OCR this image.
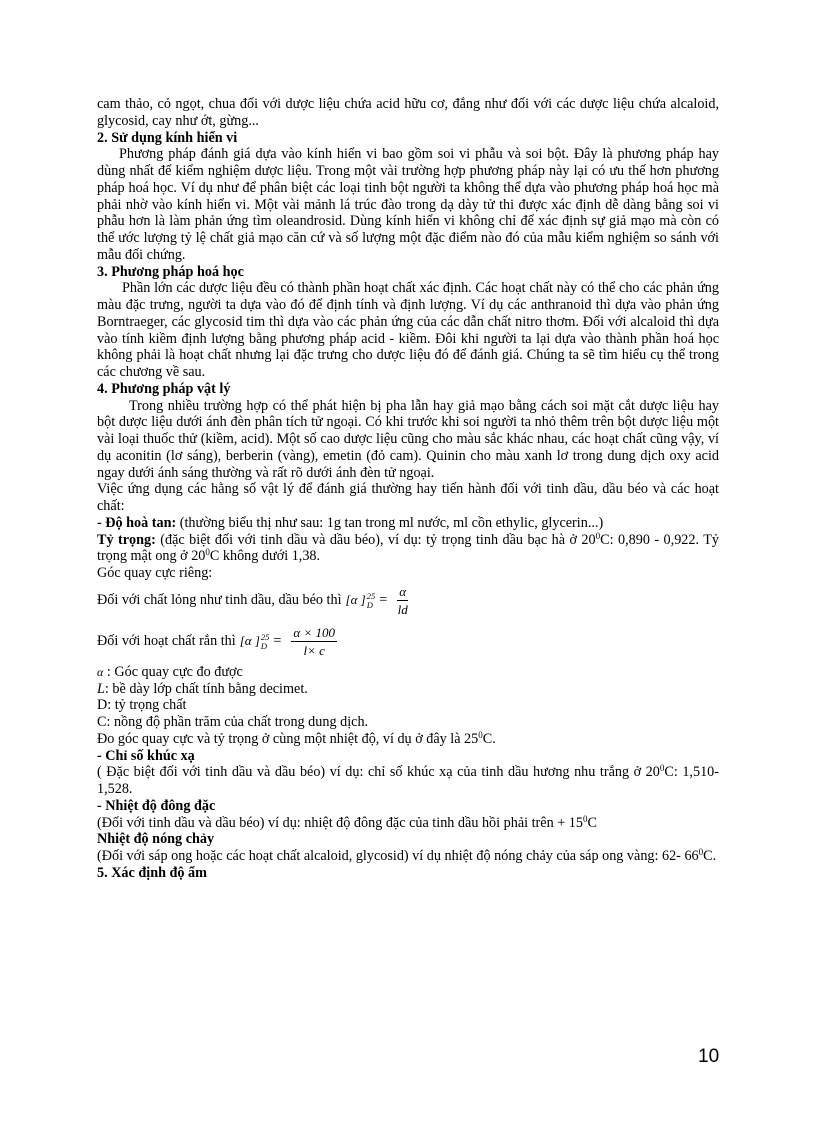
cam thảo, cỏ ngọt, chua đối với dược liệu chứa acid hữu cơ, đắng như đối với các dược liệu chứa alcaloid, glycosid, cay như ớt, gừng...

2. Sử dụng kính hiển vi

Phương pháp đánh giá dựa vào kính hiển vi bao gồm soi vi phẫu và soi bột. Đây là phương pháp hay dùng nhất để kiểm nghiệm dược liệu. Trong một vài trường hợp phương pháp này lại có ưu thế hơn phương pháp hoá học. Ví dụ như để phân biệt các loại tinh bột người ta không thể dựa vào phương pháp hoá học mà phải nhờ vào kính hiển vi. Một vài mảnh lá trúc đào trong dạ dày tử thi được xác định dễ dàng bằng soi vi phẫu hơn là làm phản ứng tìm oleandrosid. Dùng kính hiển vi không chỉ để xác định sự giả mạo mà còn có thể ước lượng tỷ lệ chất giả mạo căn cứ và số lượng một đặc điểm nào đó của mẫu kiểm nghiệm so sánh với mẫu đối chứng.

3. Phương pháp hoá học

Phần lớn các dược liệu đều có thành phần hoạt chất xác định. Các hoạt chất này có thể cho các phản ứng màu đặc trưng, người ta dựa vào đó để định tính và định lượng. Ví dụ các anthranoid thì dựa vào phản ứng Borntraeger, các glycosid tim thì dựa vào các phản ứng của các dẫn chất nitro thơm. Đối với alcaloid thì dựa vào tính kiềm định lượng bằng phương pháp acid - kiềm. Đôi khi người ta lại dựa vào thành phần hoá học không phải là hoạt chất nhưng lại đặc trưng cho dược liệu đó để đánh giá. Chúng ta sẽ tìm hiểu cụ thể trong các chương về sau.

4. Phương pháp vật lý

Trong nhiều trường hợp có thể phát hiện bị pha lẫn hay giả mạo bằng cách soi mặt cắt dược liệu hay bột dược liệu dưới ánh đèn phân tích tử ngoại. Có khi trước khi soi người ta nhỏ thêm trên bột dược liệu một vài loại thuốc thử (kiềm, acid). Một số cao dược liệu cũng cho màu sắc khác nhau, các hoạt chất cũng vậy, ví dụ aconitin (lơ sáng), berberin (vàng), emetin (đỏ cam). Quinin cho màu xanh lơ trong dung dịch oxy acid ngay dưới ánh sáng thường và rất rõ dưới ánh đèn tử ngoại.

Việc ứng dụng các hằng số vật lý để đánh giá thường hay tiến hành đối với tinh dầu, dầu béo và các hoạt chất:

- Độ hoà tan: (thường biểu thị như sau: 1g tan trong ml nước, ml cồn ethylic, glycerin...)

Tỷ trọng: (đặc biệt đối với tinh dầu và dầu béo), ví dụ: tỷ trọng tinh dầu bạc hà ở $20^0C$: 0,890 - 0,922. Tỷ trọng mật ong ở $20^0C$ không dưới 1,38.

Góc quay cực riêng:

Đối với chất lỏng như tinh dầu, dầu béo thì [α ] 25
$D = \frac{\alpha}{ld}$
Đối với hoạt chất rắn thì [α ] 25
$D = \frac{\alpha \times 100}{l\times c}$

α : Góc quay cực đo được

L: bề dày lớp chất tính bằng decimet.

D: tỷ trọng chất

C: nồng độ phần trăm của chất trong dung dịch.

Đo góc quay cực và tỷ trọng ở cùng một nhiệt độ, ví dụ ở đây là $25^0C$.

- Chỉ số khúc xạ

( Đặc biệt đối với tinh dầu và dầu béo) ví dụ: chỉ số khúc xạ của tinh dầu hương nhu trắng ở $20^0C$: 1,510- 1,528.

- Nhiệt độ đông đặc

(Đối với tinh dầu và dầu béo) ví dụ: nhiệt độ đông đặc của tinh dầu hồi phải trên + $15^0C$

Nhiệt độ nóng chảy

(Đối với sáp ong hoặc các hoạt chất alcaloid, glycosid) ví dụ nhiệt độ nóng chảy của sáp ong vàng: 62- $66^0C$.

5. Xác định độ ẩm
10
